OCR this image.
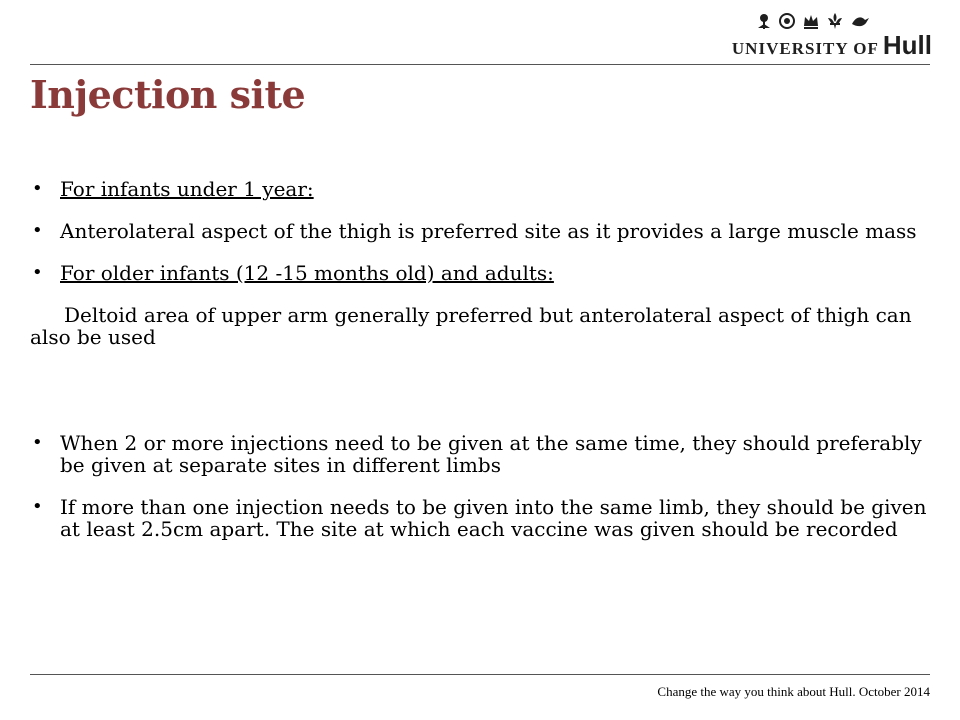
UNIVERSITY OF Hull
Injection site
• For infants under 1 year:
• Anterolateral aspect of the thigh is preferred site as it provides a large muscle mass
• For older infants (12 -15 months old) and adults:
Deltoid area of upper arm generally preferred but anterolateral aspect of thigh can also be used
• When 2 or more injections need to be given at the same time, they should preferably be given at separate sites in different limbs
• If more than one injection needs to be given into the same limb, they should be given at least 2.5cm apart. The site at which each vaccine was given should be recorded
Change the way you think about Hull. October 2014
